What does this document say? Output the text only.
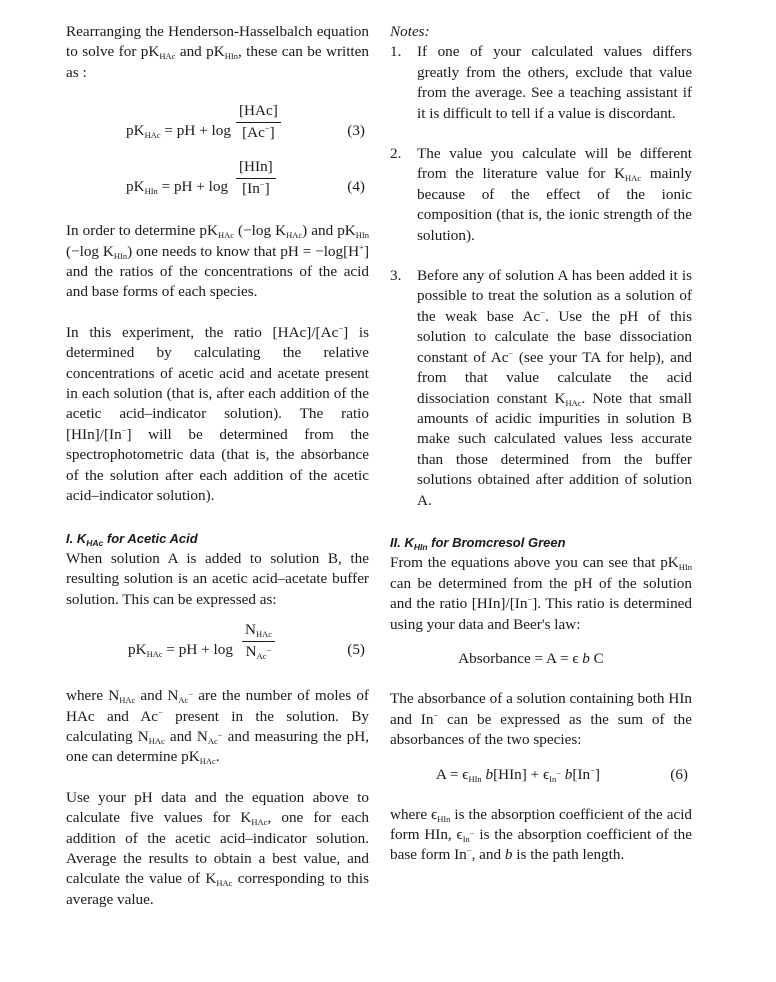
Rearranging the Henderson-Hasselbalch equation to solve for $pK_{HAc}$ and $pK_{HIn}$, these can be written as :

$pK_{HAc}$ = pH + log
[HAc]
[Ac−]	(3)
$pK_{HIn}$ = pH + log
[HIn]
[In−]	(4)

In order to determine $pK_{HAc}$ (−log $K_{HAc}$) and $pK_{HIn}$ (−log $K_{HIn}$) one needs to know that pH = −log[H+] and the ratios of the concentrations of the acid and base forms of each species.

In this experiment, the ratio [HAc]/[Ac−] is determined by calculating the relative concentrations of acetic acid and acetate present in each solution (that is, after each addition of the acetic acid–indicator solution). The ratio [HIn]/[In−] will be determined from the spectrophotometric data (that is, the absorbance of the solution after each addition of the acetic acid–indicator solution).

I. $K_{HAc}$ for Acetic Acid

When solution A is added to solution B, the resulting solution is an acetic acid–acetate buffer solution. This can be expressed as:

$pK_{HAc}$ = pH + log
$N_{HAc}$
$N_{Ac^-}$	(5)

where $N_{HAc}$ and $N_{Ac^-}$ are the number of moles of HAc and Ac− present in the solution. By calculating $N_{HAc}$ and $N_{Ac^-}$ and measuring the pH, one can determine $pK_{HAc}$.

Use your pH data and the equation above to calculate five values for $K_{HAc}$, one for each addition of the acetic acid–indicator solution. Average the results to obtain a best value, and calculate the value of $K_{HAc}$ corresponding to this average value.

Notes:

1. If one of your calculated values differs greatly from the others, exclude that value from the average. See a teaching assistant if it is difficult to tell if a value is discordant.
2. The value you calculate will be different from the literature value for $K_{HAc}$ mainly because of the effect of the ionic composition (that is, the ionic strength of the solution).
3. Before any of solution A has been added it is possible to treat the solution as a solution of the weak base Ac−. Use the pH of this solution to calculate the base dissociation constant of Ac− (see your TA for help), and from that value calculate the acid dissociation constant $K_{HAc}$. Note that small amounts of acidic impurities in solution B make such calculated values less accurate than those determined from the buffer solutions obtained after addition of solution A.

II. $K_{HIn}$ for Bromcresol Green

From the equations above you can see that $pK_{HIn}$ can be determined from the pH of the solution and the ratio [HIn]/[In−]. This ratio is determined using your data and Beer's law:

Absorbance = A = ϵ b C

The absorbance of a solution containing both HIn and In− can be expressed as the sum of the absorbances of the two species:

$A = \epsilon_{HIn}$ $b[HIn] + \epsilon_{In^-}$ b[In−]	(6)

where $\epsilon_{HIn}$ is the absorption coefficient of the acid form HIn, $\epsilon_{In^-}$ is the absorption coefficient of the base form In−, and b is the path length.
